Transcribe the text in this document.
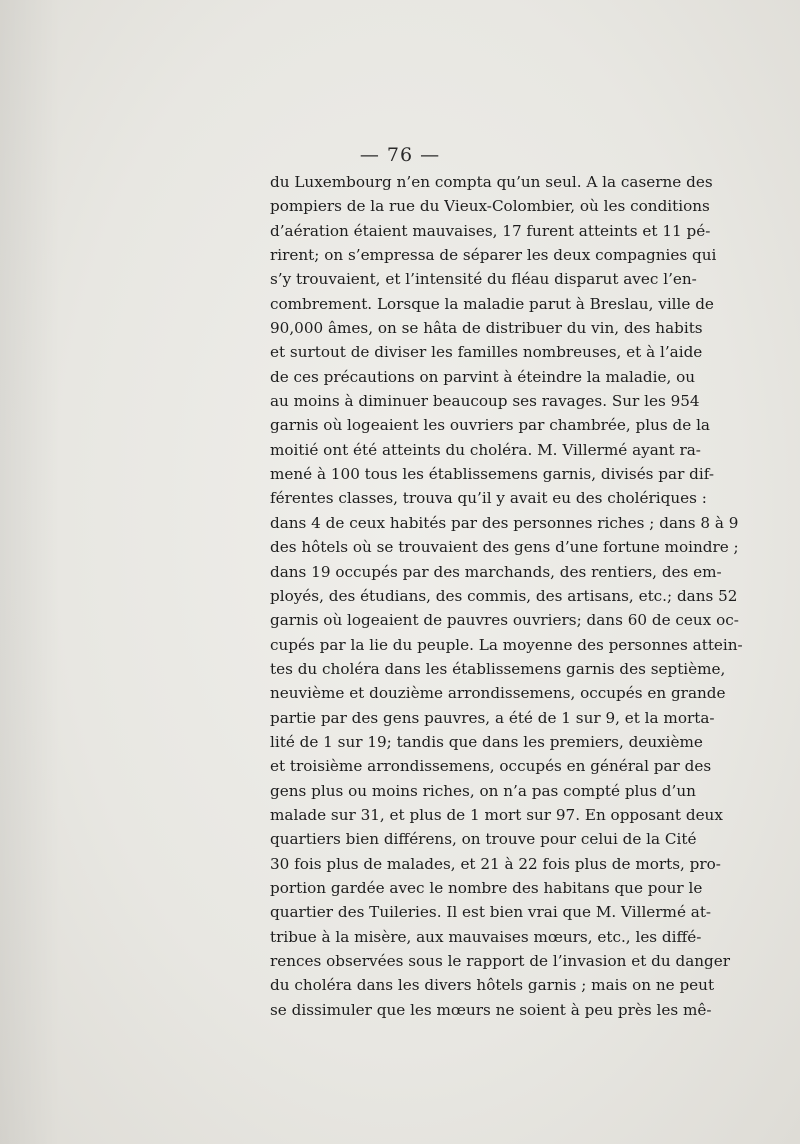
— 76 —
du Luxembourg n’en compta qu’un seul. A la caserne des
pompiers de la rue du Vieux-Colombier, où les conditions
d’aération étaient mauvaises, 17 furent atteints et 11 pé-
rirent; on s’empressa de séparer les deux compagnies qui
s’y trouvaient, et l’intensité du fléau disparut avec l’en-
combrement. Lorsque la maladie parut à Breslau, ville de
90,000 âmes, on se hâta de distribuer du vin, des habits
et surtout de diviser les familles nombreuses, et à l’aide
de ces précautions on parvint à éteindre la maladie, ou
au moins à diminuer beaucoup ses ravages. Sur les 954
garnis où logeaient les ouvriers par chambrée, plus de la
moitié ont été atteints du choléra. M. Villermé ayant ra-
mené à 100 tous les établissemens garnis, divisés par dif-
férentes classes, trouva qu’il y avait eu des cholériques :
dans 4 de ceux habités par des personnes riches ; dans 8 à 9
des hôtels où se trouvaient des gens d’une fortune moindre ;
dans 19 occupés par des marchands, des rentiers, des em-
ployés, des étudians, des commis, des artisans, etc.; dans 52
garnis où logeaient de pauvres ouvriers; dans 60 de ceux oc-
cupés par la lie du peuple. La moyenne des personnes attein-
tes du choléra dans les établissemens garnis des septième,
neuvième et douzième arrondissemens, occupés en grande
partie par des gens pauvres, a été de 1 sur 9, et la morta-
lité de 1 sur 19; tandis que dans les premiers, deuxième
et troisième arrondissemens, occupés en général par des
gens plus ou moins riches, on n’a pas compté plus d’un
malade sur 31, et plus de 1 mort sur 97. En opposant deux
quartiers bien différens, on trouve pour celui de la Cité
30 fois plus de malades, et 21 à 22 fois plus de morts, pro-
portion gardée avec le nombre des habitans que pour le
quartier des Tuileries. Il est bien vrai que M. Villermé at-
tribue à la misère, aux mauvaises mœurs, etc., les diffé-
rences observées sous le rapport de l’invasion et du danger
du choléra dans les divers hôtels garnis ; mais on ne peut
se dissimuler que les mœurs ne soient à peu près les mê-
